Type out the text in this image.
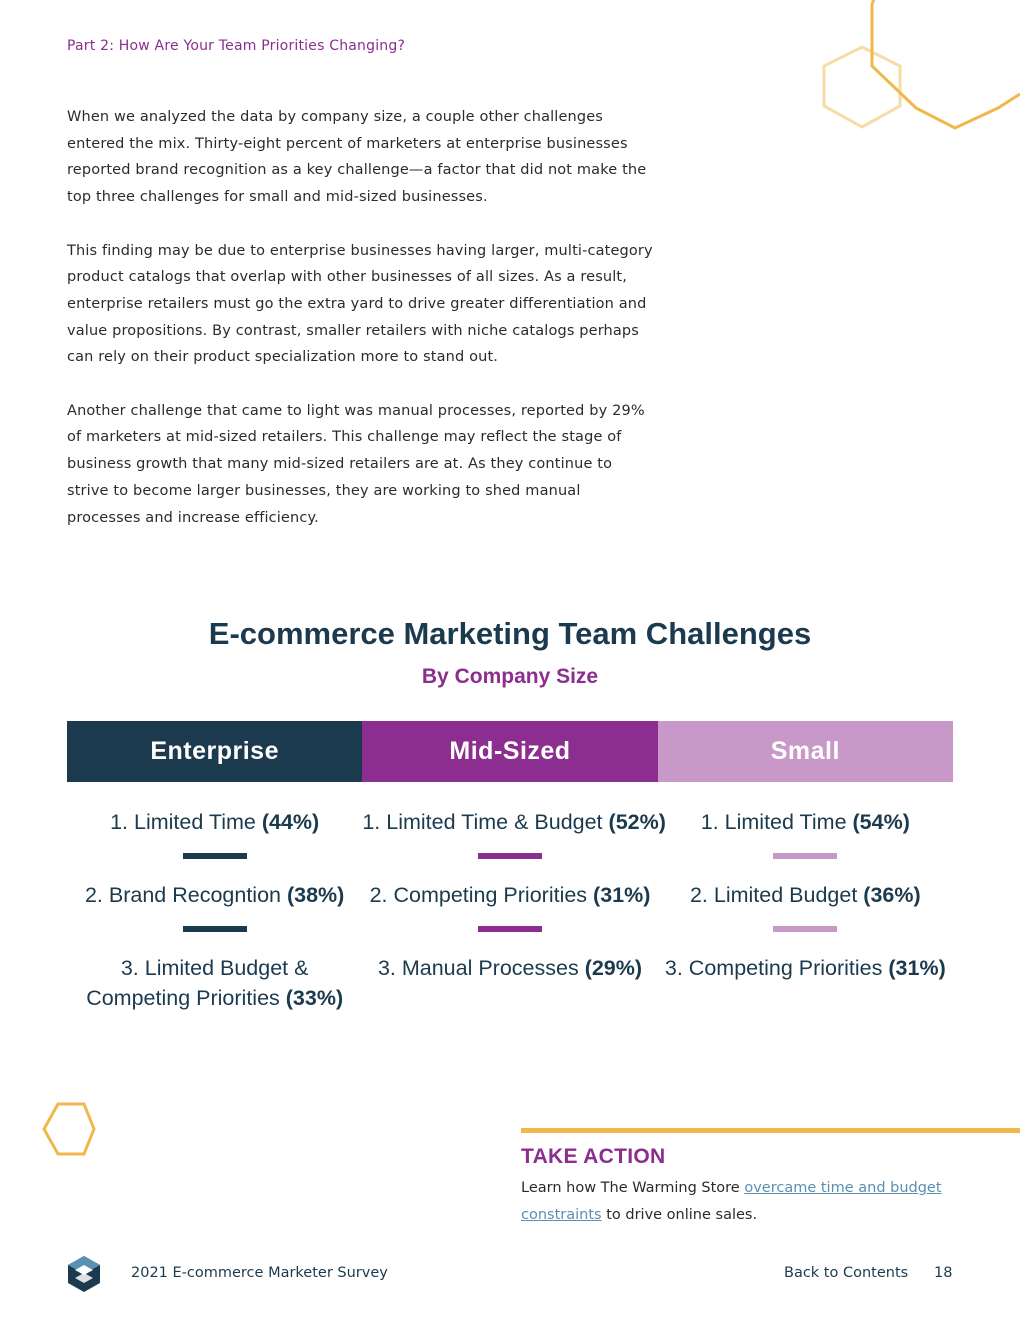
Part 2: How Are Your Team Priorities Changing?

When we analyzed the data by company size, a couple other challenges entered the mix. Thirty-eight percent of marketers at enterprise businesses reported brand recognition as a key challenge—a factor that did not make the top three challenges for small and mid-sized businesses.

This finding may be due to enterprise businesses having larger, multi-category product catalogs that overlap with other businesses of all sizes. As a result, enterprise retailers must go the extra yard to drive greater differentiation and value propositions. By contrast, smaller retailers with niche catalogs perhaps can rely on their product specialization more to stand out.

Another challenge that came to light was manual processes, reported by 29% of marketers at mid-sized retailers. This challenge may reflect the stage of business growth that many mid-sized retailers are at. As they continue to strive to become larger businesses, they are working to shed manual processes and increase efficiency.

E-commerce Marketing Team Challenges
By Company Size
Enterprise
1. Limited Time (44%)
2. Brand Recogntion (38%)
3. Limited Budget &
Competing Priorities (33%)
Mid-Sized
1. Limited Time & Budget (52%)
2. Competing Priorities (31%)
3. Manual Processes (29%)
Small
1. Limited Time (54%)
2. Limited Budget (36%)
3. Competing Priorities (31%)
TAKE ACTION
Learn how The Warming Store overcame time and budget constraints to drive online sales.
2021 E-commerce Marketer Survey	Back to Contents 18
